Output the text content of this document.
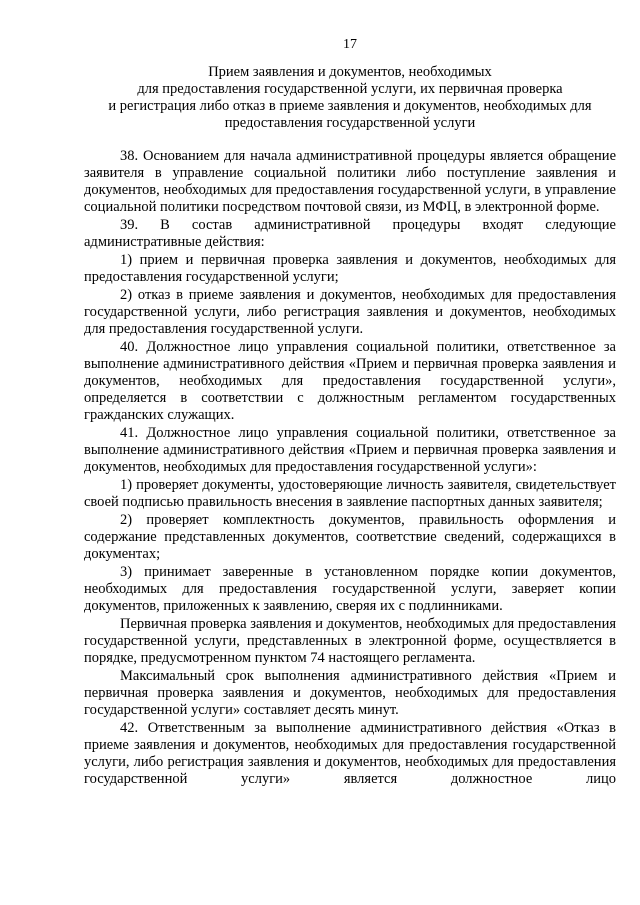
17
Прием заявления и документов, необходимых
для предоставления государственной услуги, их первичная проверка
и регистрация либо отказ в приеме заявления и документов, необходимых для
предоставления государственной услуги

38. Основанием для начала административной процедуры является обращение заявителя в управление социальной политики либо поступление заявления и документов, необходимых для предоставления государственной услуги, в управление социальной политики посредством почтовой связи, из МФЦ, в электронной форме.

39. В состав административной процедуры входят следующие административные действия:

1) прием и первичная проверка заявления и документов, необходимых для предоставления государственной услуги;

2) отказ в приеме заявления и документов, необходимых для предоставления государственной услуги, либо регистрация заявления и документов, необходимых для предоставления государственной услуги.

40. Должностное лицо управления социальной политики, ответственное за выполнение административного действия «Прием и первичная проверка заявления и документов, необходимых для предоставления государственной услуги», определяется в соответствии с должностным регламентом государственных гражданских служащих.

41. Должностное лицо управления социальной политики, ответственное за выполнение административного действия «Прием и первичная проверка заявления и документов, необходимых для предоставления государственной услуги»:

1) проверяет документы, удостоверяющие личность заявителя, свидетельствует своей подписью правильность внесения в заявление паспортных данных заявителя;

2) проверяет комплектность документов, правильность оформления и содержание представленных документов, соответствие сведений, содержащихся в документах;

3) принимает заверенные в установленном порядке копии документов, необходимых для предоставления государственной услуги, заверяет копии документов, приложенных к заявлению, сверяя их с подлинниками.

Первичная проверка заявления и документов, необходимых для предоставления государственной услуги, представленных в электронной форме, осуществляется в порядке, предусмотренном пунктом 74 настоящего регламента.

Максимальный срок выполнения административного действия «Прием и первичная проверка заявления и документов, необходимых для предоставления государственной услуги» составляет десять минут.

42. Ответственным за выполнение административного действия «Отказ в приеме заявления и документов, необходимых для предоставления государственной услуги, либо регистрация заявления и документов, необходимых для предоставления государственной услуги» является должностное лицо
